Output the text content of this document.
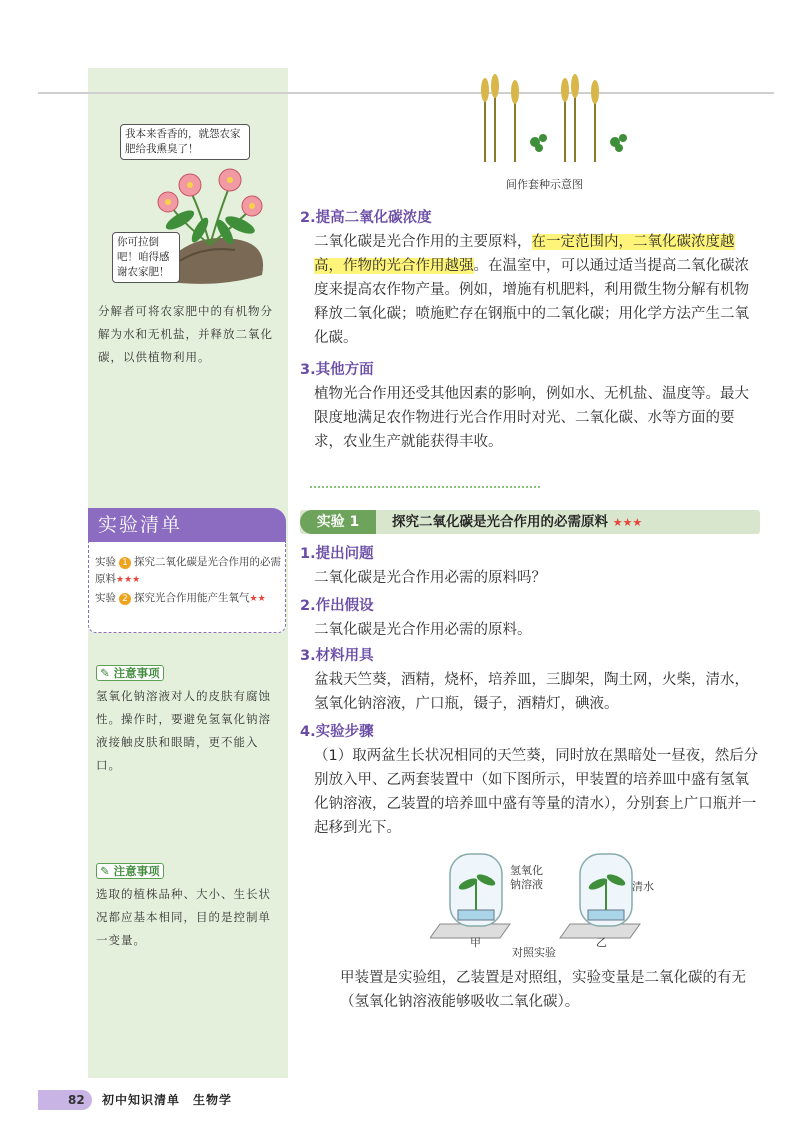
我本来香香的，就怨农家肥给我熏臭了！
你可拉倒吧！咱得感谢农家肥！
分解者可将农家肥中的有机物分解为水和无机盐，并释放二氧化碳，以供植物利用。
间作套种示意图
2.提高二氧化碳浓度
二氧化碳是光合作用的主要原料，在一定范围内，二氧化碳浓度越高，作物的光合作用越强。在温室中，可以通过适当提高二氧化碳浓度来提高农作物产量。例如，增施有机肥料，利用微生物分解有机物释放二氧化碳；喷施贮存在钢瓶中的二氧化碳；用化学方法产生二氧化碳。
3.其他方面
植物光合作用还受其他因素的影响，例如水、无机盐、温度等。最大限度地满足农作物进行光合作用时对光、二氧化碳、水等方面的要求，农业生产就能获得丰收。
实验清单
实验 1 探究二氧化碳是光合作用的必需原料★★★
实验 2 探究光合作用能产生氧气★★
✎ 注意事项
氢氧化钠溶液对人的皮肤有腐蚀性。操作时，要避免氢氧化钠溶液接触皮肤和眼睛，更不能入口。
✎ 注意事项
选取的植株品种、大小、生长状况都应基本相同，目的是控制单一变量。
实验 1	探究二氧化碳是光合作用的必需原料 ★★★
1.提出问题
二氧化碳是光合作用必需的原料吗？
2.作出假设
二氧化碳是光合作用必需的原料。
3.材料用具
盆栽天竺葵，酒精，烧杯，培养皿，三脚架，陶土网，火柴，清水，氢氧化钠溶液，广口瓶，镊子，酒精灯，碘液。
4.实验步骤
（1）取两盆生长状况相同的天竺葵，同时放在黑暗处一昼夜，然后分别放入甲、乙两套装置中（如下图所示，甲装置的培养皿中盛有氢氧化钠溶液，乙装置的培养皿中盛有等量的清水），分别套上广口瓶并一起移到光下。
氢氧化钠溶液	清水
甲	乙
对照实验
甲装置是实验组，乙装置是对照组，实验变量是二氧化碳的有无（氢氧化钠溶液能够吸收二氧化碳）。
82 初中知识清单　生物学
